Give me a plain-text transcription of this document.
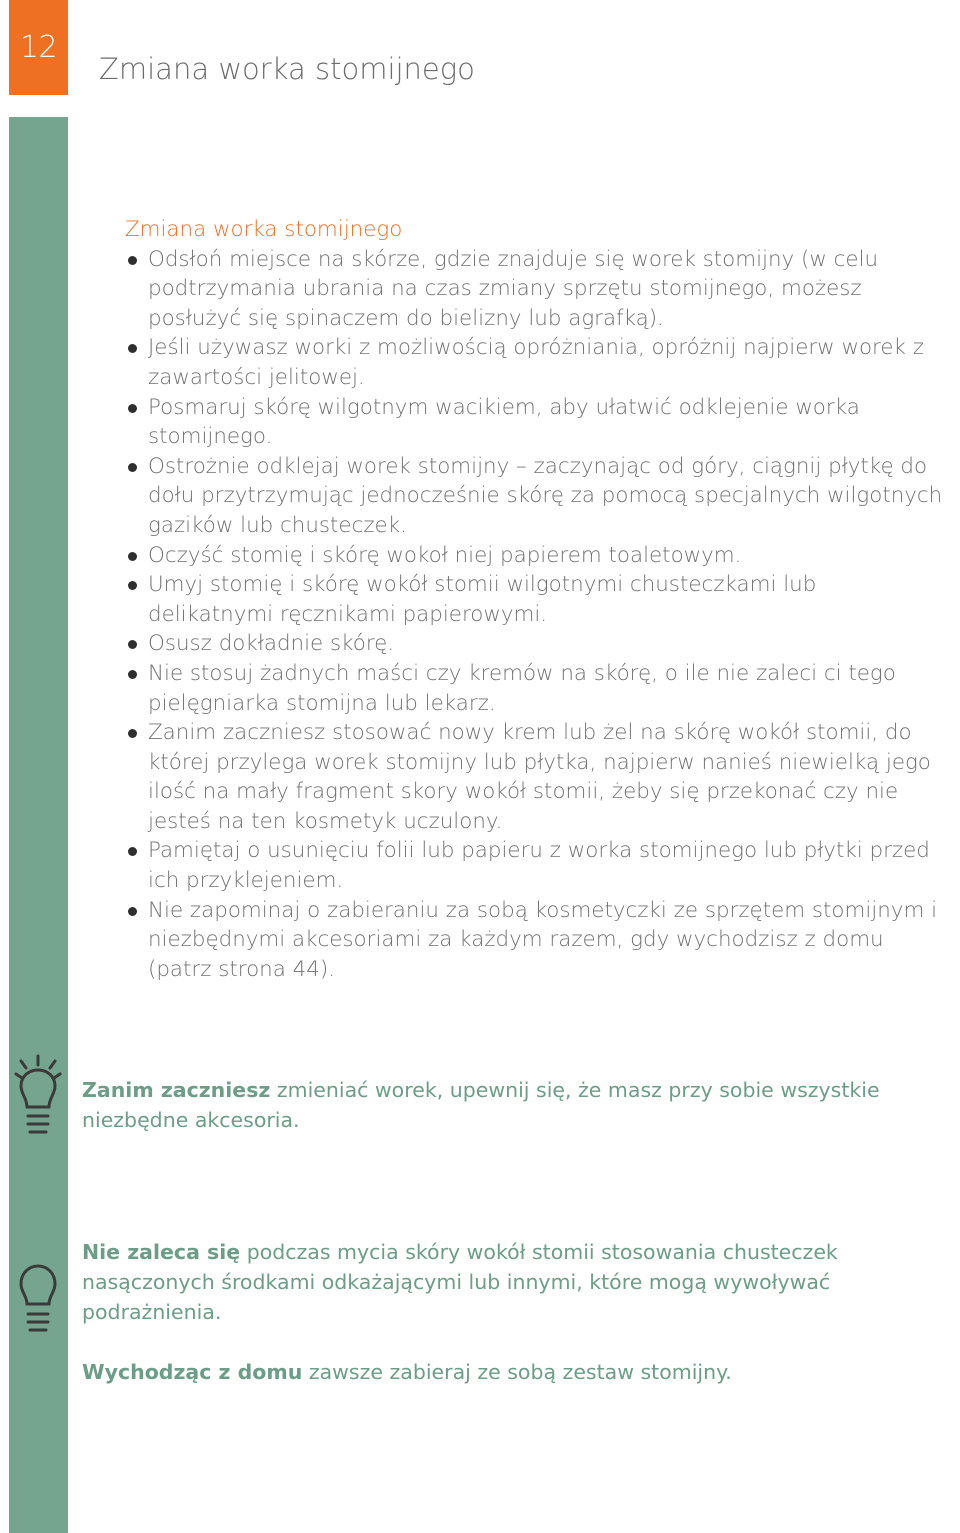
12
Zmiana worka stomijnego

Zmiana worka stomijnego

Odsłoń miejsce na skórze, gdzie znajduje się worek stomijny (w celu podtrzymania ubrania na czas zmiany sprzętu stomijnego, możesz posłużyć się spinaczem do bielizny lub agrafką).
Jeśli używasz worki z możliwością opróżniania, opróżnij najpierw worek z zawartości jelitowej.
Posmaruj skórę wilgotnym wacikiem, aby ułatwić odklejenie worka stomijnego.
Ostrożnie odklejaj worek stomijny – zaczynając od góry, ciągnij płytkę do dołu przytrzymując jednocześnie skórę za pomocą specjalnych wilgotnych gazików lub chusteczek.
Oczyść stomię i skórę wokoł niej papierem toaletowym.
Umyj stomię i skórę wokół stomii wilgotnymi chusteczkami lub delikatnymi ręcznikami papierowymi.
Osusz dokładnie skórę.
Nie stosuj żadnych maści czy kremów na skórę, o ile nie zaleci ci tego pielęgniarka stomijna lub lekarz.
Zanim zaczniesz stosować nowy krem lub żel na skórę wokół stomii, do której przylega worek stomijny lub płytka, najpierw nanieś niewielką jego ilość na mały fragment skory wokół stomii, żeby się przekonać czy nie jesteś na ten kosmetyk uczulony.
Pamiętaj o usunięciu folii lub papieru z worka stomijnego lub płytki przed ich przyklejeniem.
Nie zapominaj o zabieraniu za sobą kosmetyczki ze sprzętem stomijnym i niezbędnymi akcesoriami za każdym razem, gdy wychodzisz z domu (patrz strona 44).

Zanim zaczniesz zmieniać worek, upewnij się, że masz przy sobie wszystkie niezbędne akcesoria.

Nie zaleca się podczas mycia skóry wokół stomii stosowania chusteczek nasączonych środkami odkażającymi lub innymi, które mogą wywoływać podrażnienia.

Wychodząc z domu zawsze zabieraj ze sobą zestaw stomijny.
